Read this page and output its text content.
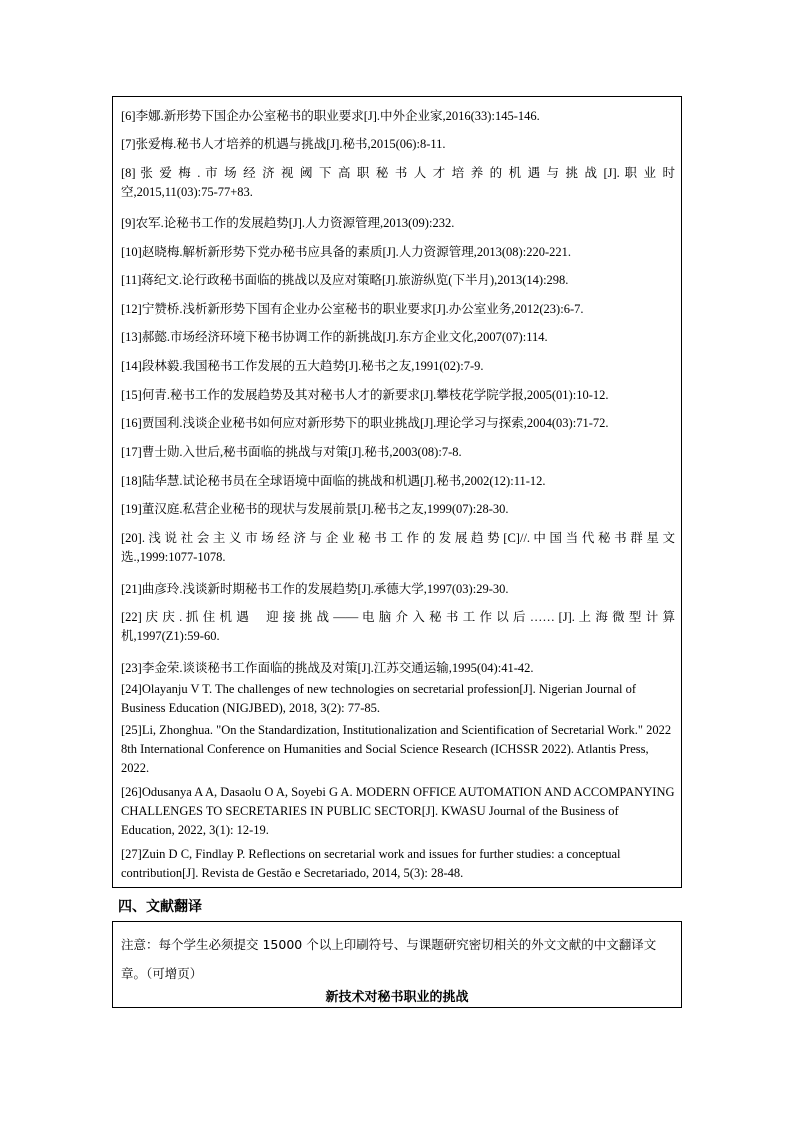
[6]李娜.新形势下国企办公室秘书的职业要求[J].中外企业家,2016(33):145-146.
[7]张爱梅.秘书人才培养的机遇与挑战[J].秘书,2015(06):8-11.
[8] 张 爱 梅 . 市 场 经 济 视 阈 下 高 职 秘 书 人 才 培 养 的 机 遇 与 挑 战 [J]. 职 业 时 空,2015,11(03):75-77+83.
[9]农军.论秘书工作的发展趋势[J].人力资源管理,2013(09):232.
[10]赵晓梅.解析新形势下党办秘书应具备的素质[J].人力资源管理,2013(08):220-221.
[11]蒋纪文.论行政秘书面临的挑战以及应对策略[J].旅游纵览(下半月),2013(14):298.
[12]宁赞桥.浅析新形势下国有企业办公室秘书的职业要求[J].办公室业务,2012(23):6-7.
[13]郝懿.市场经济环境下秘书协调工作的新挑战[J].东方企业文化,2007(07):114.
[14]段林毅.我国秘书工作发展的五大趋势[J].秘书之友,1991(02):7-9.
[15]何青.秘书工作的发展趋势及其对秘书人才的新要求[J].攀枝花学院学报,2005(01):10-12.
[16]贾国利.浅谈企业秘书如何应对新形势下的职业挑战[J].理论学习与探索,2004(03):71-72.
[17]曹士勋.入世后,秘书面临的挑战与对策[J].秘书,2003(08):7-8.
[18]陆华慧.试论秘书员在全球语境中面临的挑战和机遇[J].秘书,2002(12):11-12.
[19]董汉庭.私营企业秘书的现状与发展前景[J].秘书之友,1999(07):28-30.
[20]. 浅 说 社 会 主 义 市 场 经 济 与 企 业 秘 书 工 作 的 发 展 趋 势 [C]//. 中 国 当 代 秘 书 群 星 文 选.,1999:1077-1078.
[21]曲彦玲.浅谈新时期秘书工作的发展趋势[J].承德大学,1997(03):29-30.
[22] 庆 庆 . 抓 住 机 遇　 迎 接 挑 战 —— 电 脑 介 入 秘 书 工 作 以 后 …… [J]. 上 海 微 型 计 算 机,1997(Z1):59-60.
[23]李金荣.谈谈秘书工作面临的挑战及对策[J].江苏交通运输,1995(04):41-42.
[24]Olayanju V T. The challenges of new technologies on secretarial profession[J]. Nigerian Journal of Business Education (NIGJBED), 2018, 3(2): 77-85.
[25]Li, Zhonghua. "On the Standardization, Institutionalization and Scientification of Secretarial Work." 2022 8th International Conference on Humanities and Social Science Research (ICHSSR 2022). Atlantis Press, 2022.
[26]Odusanya A A, Dasaolu O A, Soyebi G A. MODERN OFFICE AUTOMATION AND ACCOMPANYING CHALLENGES TO SECRETARIES IN PUBLIC SECTOR[J]. KWASU Journal of the Business of Education, 2022, 3(1): 12-19.
[27]Zuin D C, Findlay P. Reflections on secretarial work and issues for further studies: a conceptual contribution[J]. Revista de Gestão e Secretariado, 2014, 5(3): 28-48.
四、文献翻译
注意：每个学生必须提交 15000 个以上印刷符号、与课题研究密切相关的外文文献的中文翻译文章。（可增页）
新技术对秘书职业的挑战
